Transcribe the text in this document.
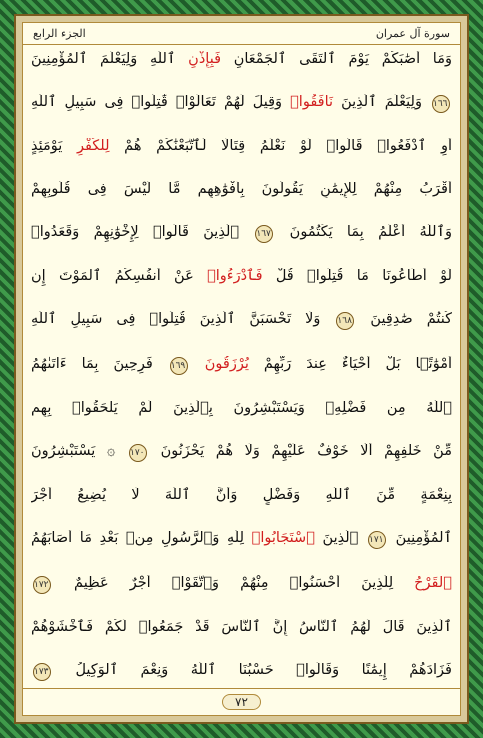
الجزء الرابع	سورة آل عمران
وَمَا أَصَٰبَكُمْ يَوْمَ ٱلْتَقَى ٱلْجَمْعَانِ فَبِإِذْنِ ٱللَّهِ وَلِيَعْلَمَ ٱلْمُؤْمِنِينَ
١٦٦ وَلِيَعْلَمَ ٱلَّذِينَ نَافَقُوا۟ وَقِيلَ لَهُمْ تَعَالَوْا۟ قَٰتِلُوا۟ فِى سَبِيلِ ٱللَّهِ
أَوِ ٱدْفَعُوا۟ قَالُوا۟ لَوْ نَعْلَمُ قِتَالًا لَّٱتَّبَعْنَٰكُمْ هُمْ لِلْكُفْرِ يَوْمَئِذٍ
أَقْرَبُ مِنْهُمْ لِلْإِيمَٰنِ يَقُولُونَ بِأَفْوَٰهِهِم مَّا لَيْسَ فِى قُلُوبِهِمْ
وَٱللَّهُ أَعْلَمُ بِمَا يَكْتُمُونَ ١٦٧ ٱلَّذِينَ قَالُوا۟ لِإِخْوَٰنِهِمْ وَقَعَدُوا۟
لَوْ أَطَاعُونَا مَا قُتِلُوا۟ قُلْ فَٱدْرَءُوا۟ عَنْ أَنفُسِكُمُ ٱلْمَوْتَ إِن
كُنتُمْ صَٰدِقِينَ ١٦٨ وَلَا تَحْسَبَنَّ ٱلَّذِينَ قُتِلُوا۟ فِى سَبِيلِ ٱللَّهِ
أَمْوَٰتًۢا بَلْ أَحْيَآءٌ عِندَ رَبِّهِمْ يُرْزَقُونَ ١٦٩ فَرِحِينَ بِمَآ ءَاتَىٰهُمُ
ٱللَّهُ مِن فَضْلِهِۦ وَيَسْتَبْشِرُونَ بِٱلَّذِينَ لَمْ يَلْحَقُوا۟ بِهِم
مِّنْ خَلْفِهِمْ أَلَّا خَوْفٌ عَلَيْهِمْ وَلَا هُمْ يَحْزَنُونَ ١٧٠ ۞ يَسْتَبْشِرُونَ
بِنِعْمَةٍ مِّنَ ٱللَّهِ وَفَضْلٍ وَأَنَّ ٱللَّهَ لَا يُضِيعُ أَجْرَ
ٱلْمُؤْمِنِينَ ١٧١ ٱلَّذِينَ ٱسْتَجَابُوا۟ لِلَّهِ وَٱلرَّسُولِ مِنۢ بَعْدِ مَآ أَصَابَهُمُ
ٱلْقَرْحُ لِلَّذِينَ أَحْسَنُوا۟ مِنْهُمْ وَٱتَّقَوْا۟ أَجْرٌ عَظِيمٌ ١٧٢
ٱلَّذِينَ قَالَ لَهُمُ ٱلنَّاسُ إِنَّ ٱلنَّاسَ قَدْ جَمَعُوا۟ لَكُمْ فَٱخْشَوْهُمْ
فَزَادَهُمْ إِيمَٰنًا وَقَالُوا۟ حَسْبُنَا ٱللَّهُ وَنِعْمَ ٱلْوَكِيلُ ١٧٣
٧٢
